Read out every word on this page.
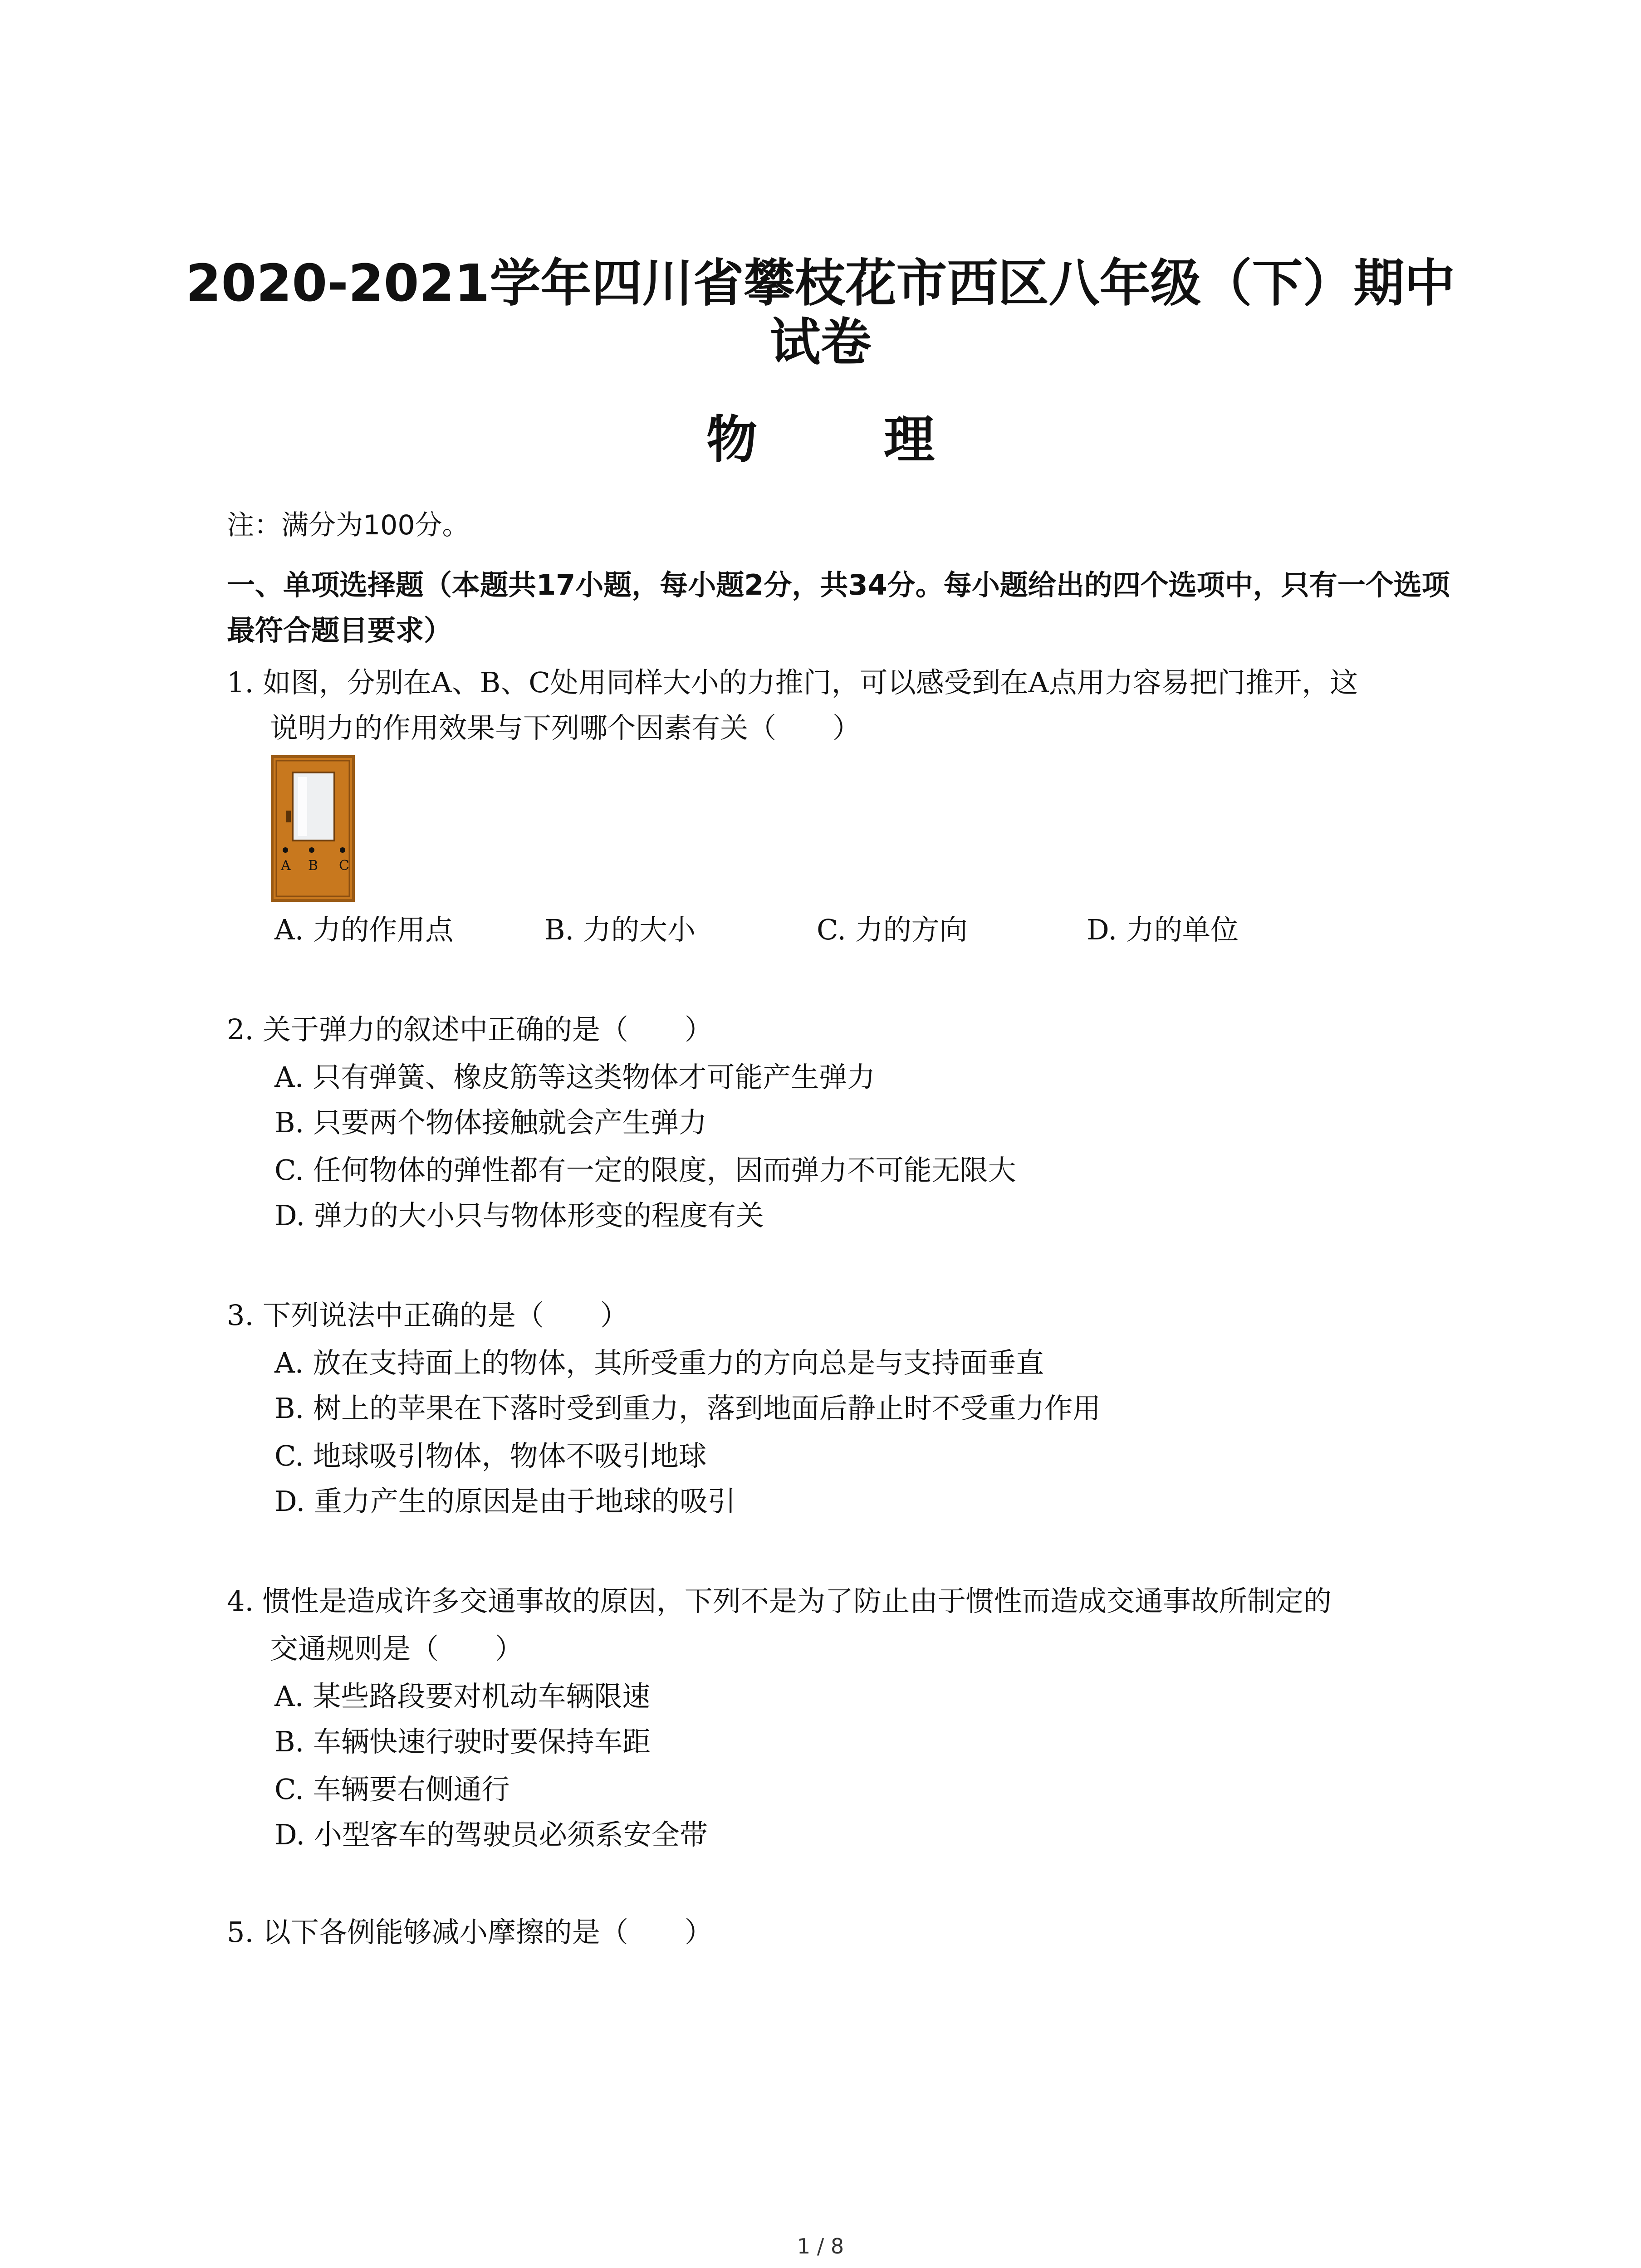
2020-2021学年四川省攀枝花市西区八年级（下）期中
试卷
物 理
注：满分为100分。
一、单项选择题（本题共17小题，每小题2分，共34分。每小题给出的四个选项中，只有一个选项最符合题目要求）
1. 如图，分别在A、B、C处用同样大小的力推门，可以感受到在A点用力容易把门推开，这
说明力的作用效果与下列哪个因素有关（　　）
A B C
A. 力的作用点	B. 力的大小	C. 力的方向	D. 力的单位
2. 关于弹力的叙述中正确的是（　　）
A. 只有弹簧、橡皮筋等这类物体才可能产生弹力
B. 只要两个物体接触就会产生弹力
C. 任何物体的弹性都有一定的限度，因而弹力不可能无限大
D. 弹力的大小只与物体形变的程度有关
3. 下列说法中正确的是（　　）
A. 放在支持面上的物体，其所受重力的方向总是与支持面垂直
B. 树上的苹果在下落时受到重力，落到地面后静止时不受重力作用
C. 地球吸引物体，物体不吸引地球
D. 重力产生的原因是由于地球的吸引
4. 惯性是造成许多交通事故的原因，下列不是为了防止由于惯性而造成交通事故所制定的
交通规则是（　　）
A. 某些路段要对机动车辆限速
B. 车辆快速行驶时要保持车距
C. 车辆要右侧通行
D. 小型客车的驾驶员必须系安全带
5. 以下各例能够减小摩擦的是（　　）
1 / 8
